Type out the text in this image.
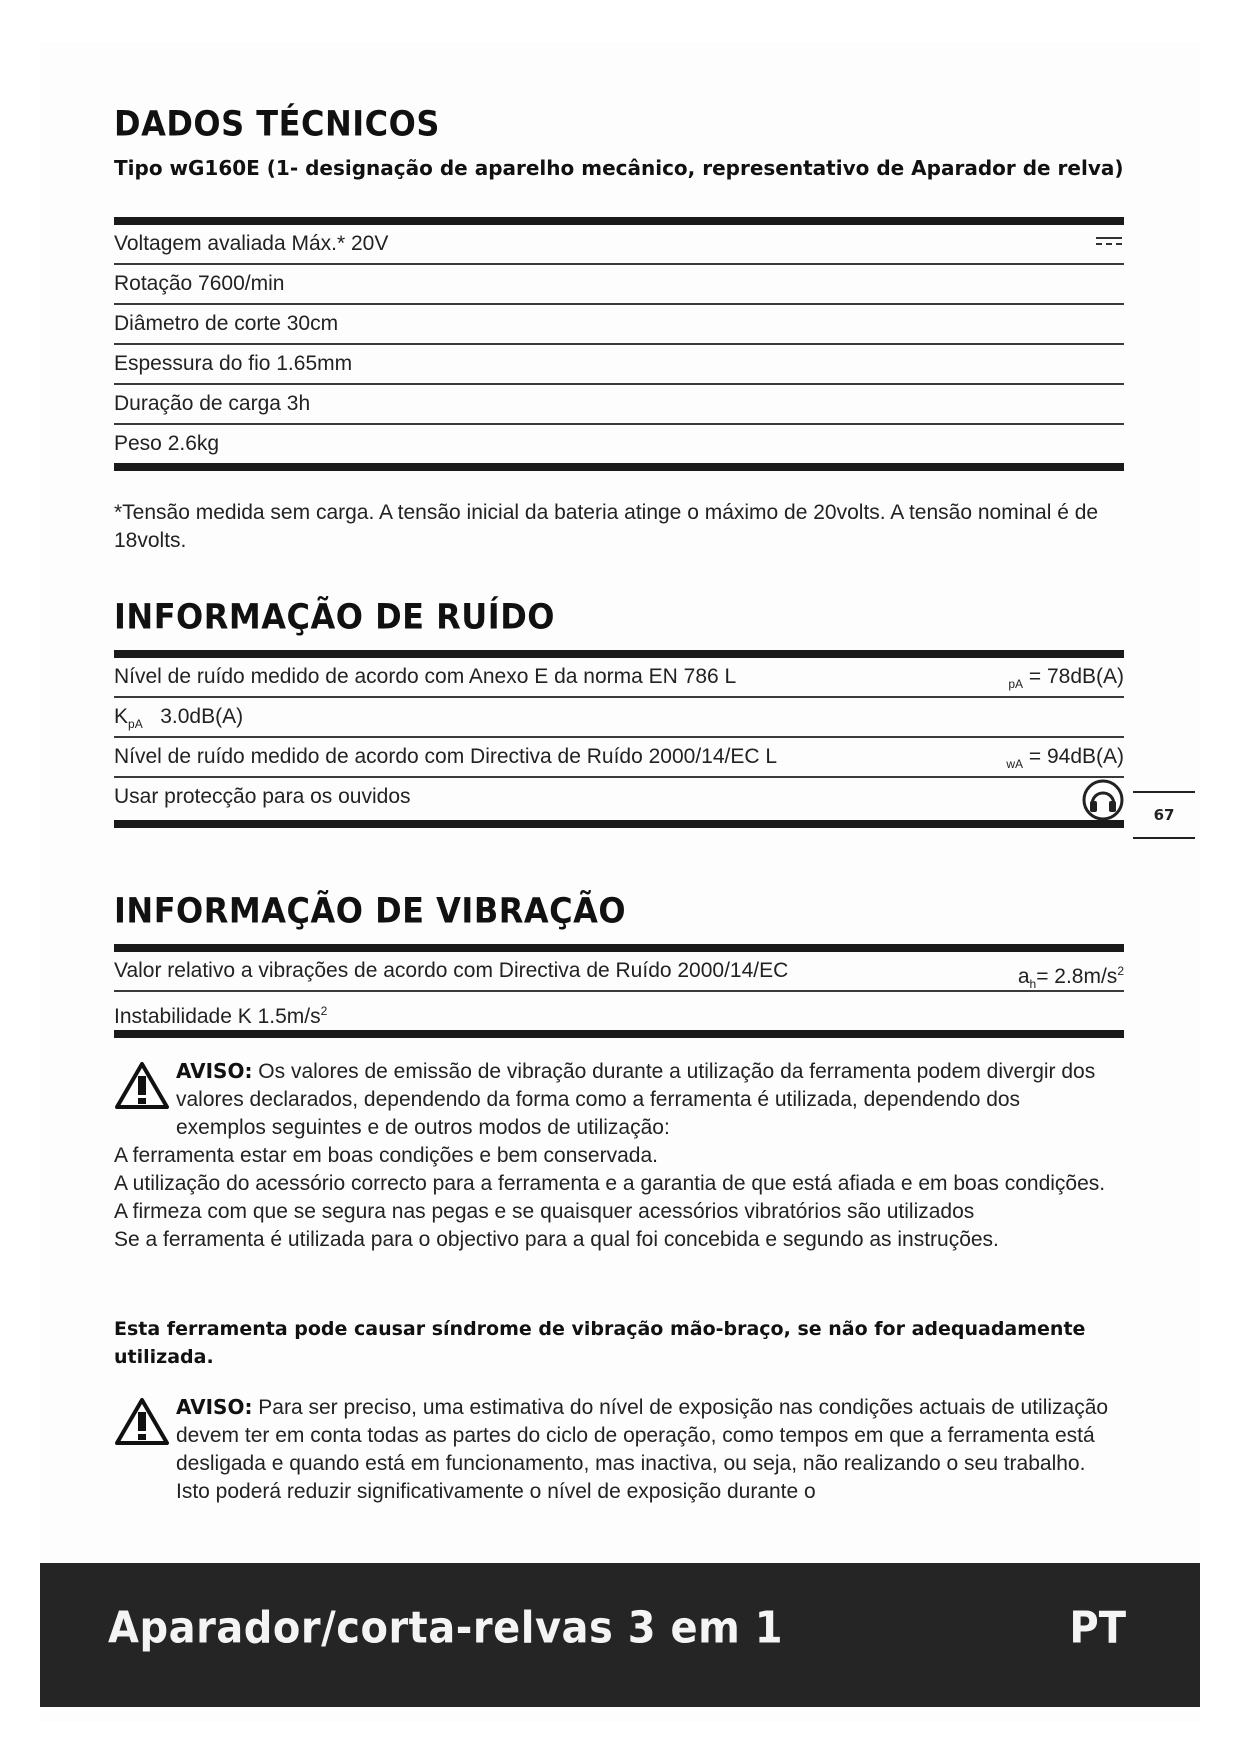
DADOS TÉCNICOS
Tipo wG160E (1- designação de aparelho mecânico, representativo de Aparador de relva)
Voltagem avaliada Máx.* 20V
Rotação 7600/min
Diâmetro de corte 30cm
Espessura do fio 1.65mm
Duração de carga 3h
Peso 2.6kg
*Tensão medida sem carga. A tensão inicial da bateria atinge o máximo de 20volts. A tensão nominal é de 18volts.
INFORMAÇÃO DE RUÍDO
Nível de ruído medido de acordo com Anexo E da norma EN 786 L	$_{pA}$ = 78dB(A)
$K_{pA}$ 3.0dB(A)
Nível de ruído medido de acordo com Directiva de Ruído 2000/14/EC L	$_{wA}$ = 94dB(A)
Usar protecção para os ouvidos
67
INFORMAÇÃO DE VIBRAÇÃO
Valor relativo a vibrações de acordo com Directiva de Ruído 2000/14/EC	$a_h= 2.8m/s^2$
Instabilidade K $1.5m/s^2$
AVISO: Os valores de emissão de vibração durante a utilização da ferramenta podem divergir dos valores declarados, dependendo da forma como a ferramenta é utilizada, dependendo dos exemplos seguintes e de outros modos de utilização:
A ferramenta estar em boas condições e bem conservada.
A utilização do acessório correcto para a ferramenta e a garantia de que está afiada e em boas condições.
A firmeza com que se segura nas pegas e se quaisquer acessórios vibratórios são utilizados
Se a ferramenta é utilizada para o objectivo para a qual foi concebida e segundo as instruções.
Esta ferramenta pode causar síndrome de vibração mão-braço, se não for adequadamente utilizada.
AVISO: Para ser preciso, uma estimativa do nível de exposição nas condições actuais de utilização devem ter em conta todas as partes do ciclo de operação, como tempos em que a ferramenta está desligada e quando está em funcionamento, mas inactiva, ou seja, não realizando o seu trabalho. Isto poderá reduzir significativamente o nível de exposição durante o
Aparador/corta-relvas 3 em 1	PT
